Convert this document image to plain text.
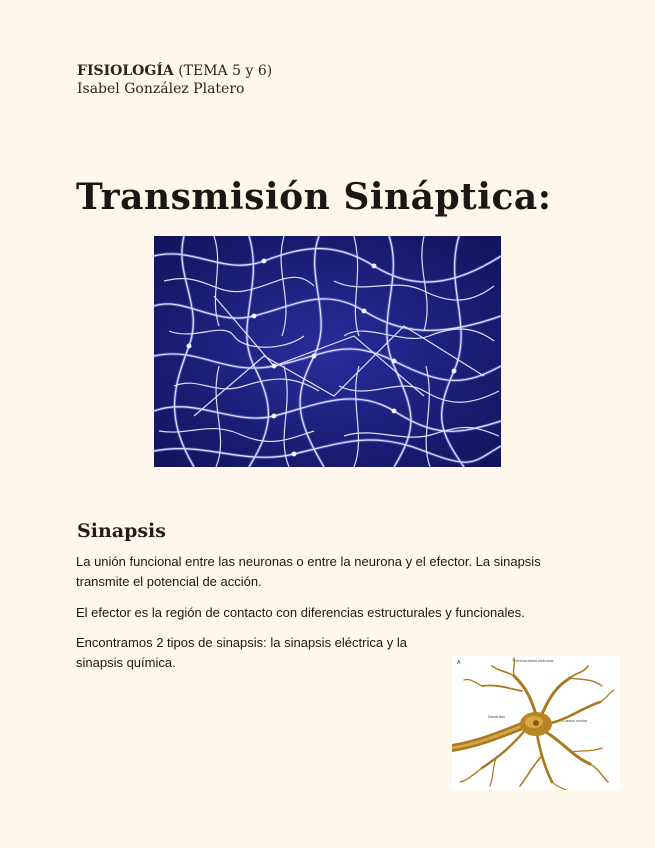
FISIOLOGÍA (TEMA 5 y 6)
Isabel González Platero
Transmisión Sináptica:
Sinapsis

La unión funcional entre las neuronas o entre la neurona y el efector. La sinapsis transmite el potencial de acción.

El efector es la región de contacto con diferencias estructurales y funcionales.

Encontramos 2 tipos de sinapsis: la sinapsis eléctrica y la sinapsis química.	A	Terminaciones axónicas
Dendritas
Cuerpo celular
